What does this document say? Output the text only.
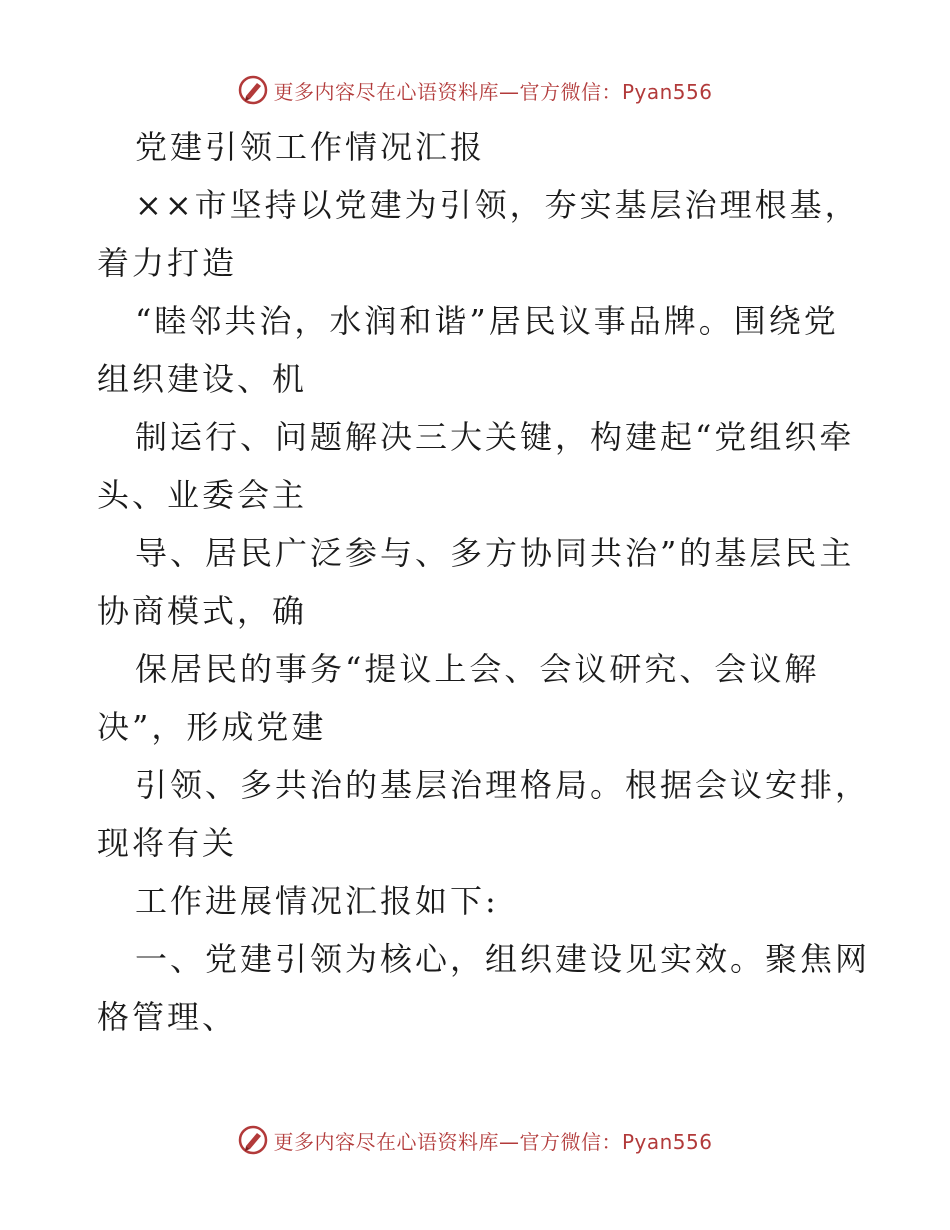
更多内容尽在心语资料库—官方微信：Pyan556
党建引领工作情况汇报
××市坚持以党建为引领，夯实基层治理根基，
着力打造
“睦邻共治，水润和谐”居民议事品牌。围绕党
组织建设、机
制运行、问题解决三大关键，构建起“党组织牵
头、业委会主
导、居民广泛参与、多方协同共治”的基层民主
协商模式，确
保居民的事务“提议上会、会议研究、会议解
决”，形成党建
引领、多共治的基层治理格局。根据会议安排，
现将有关
工作进展情况汇报如下:
一、党建引领为核心，组织建设见实效。聚焦网
格管理、
更多内容尽在心语资料库—官方微信：Pyan556
